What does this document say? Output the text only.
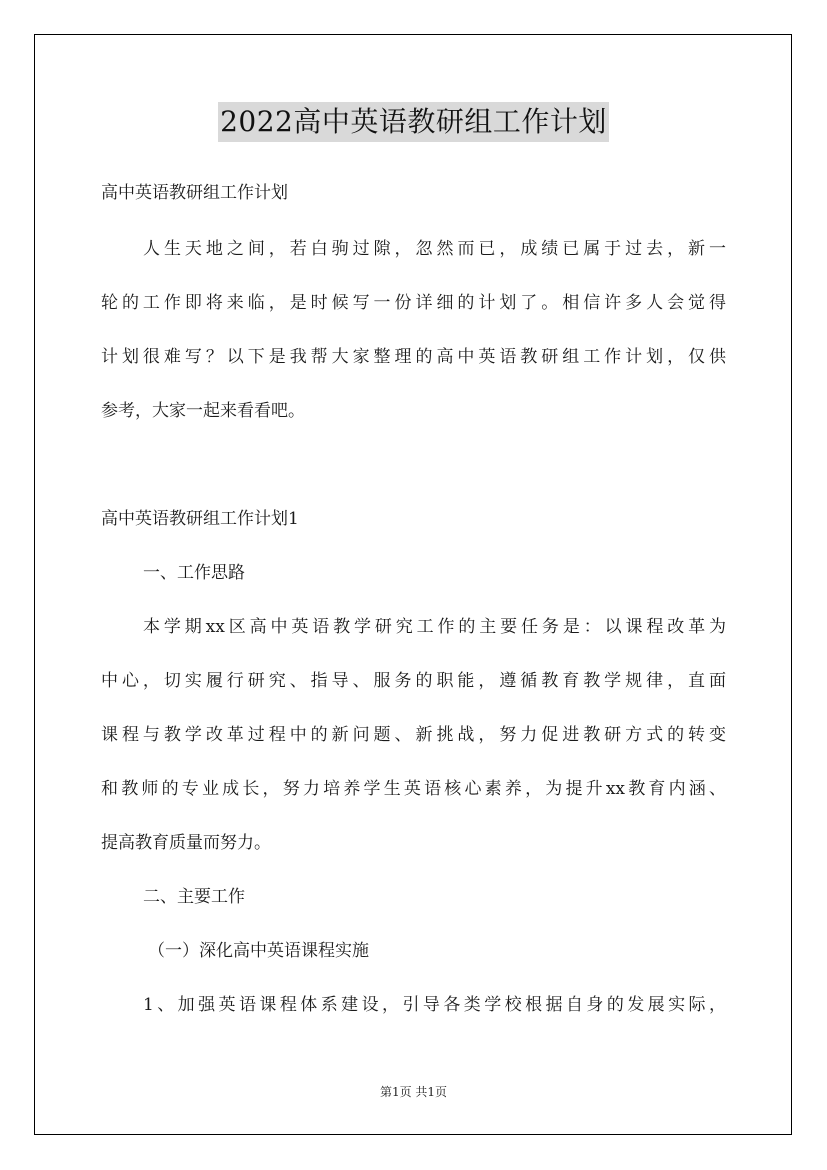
2022高中英语教研组工作计划
高中英语教研组工作计划
人生天地之间，若白驹过隙，忽然而已，成绩已属于过去，新一
轮的工作即将来临，是时候写一份详细的计划了。相信许多人会觉得
计划很难写？以下是我帮大家整理的高中英语教研组工作计划，仅供
参考，大家一起来看看吧。
高中英语教研组工作计划1
一、工作思路
本学期xx区高中英语教学研究工作的主要任务是：以课程改革为
中心，切实履行研究、指导、服务的职能，遵循教育教学规律，直面
课程与教学改革过程中的新问题、新挑战，努力促进教研方式的转变
和教师的专业成长，努力培养学生英语核心素养，为提升xx教育内涵、
提高教育质量而努力。
二、主要工作
（一）深化高中英语课程实施
1、加强英语课程体系建设，引导各类学校根据自身的发展实际，
第1页 共1页
